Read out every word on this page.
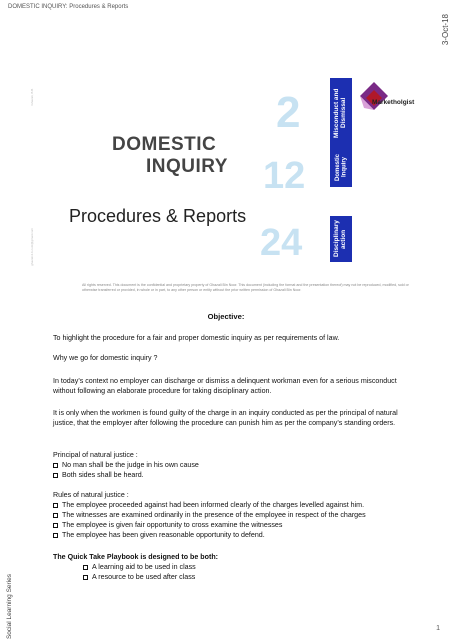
DOMESTIC INQUIRY: Procedures & Reports
3-Oct-18
Ghazali, B.B.
ghazali.b.b.com@gmail.com
DOMESTIC
INQUIRY
Procedures & Reports
2
12
24
Misconduct and Dismissal
Domestic Inquiry
Disciplinary action
Marketholgist
All rights reserved. This document is the confidential and proprietary property of Ghazali Bin Noor. This document (including the format and the presentation thereof) may not be reproduced, modified, sold or otherwise transferred or provided, in whole or in part, to any other person or entity without the prior written permission of Ghazali Bin Noor.
Objective:
To highlight the procedure for a fair and proper domestic inquiry as per requirements of law.
Why we go for domestic inquiry ?
In today’s context no employer can discharge or dismiss a delinquent workman even for a serious misconduct without following an elaborate procedure for taking disciplinary action.
It is only when the workmen is found guilty of the charge in an inquiry conducted as per the principal of natural justice, that the employer after following the procedure can punish him as per the company’s standing orders.
Principal of natural justice :
No man shall be the judge in his own cause
Both sides shall be heard.
Rules of natural justice :
The employee proceeded against had been informed clearly of the charges levelled against him.
The witnesses are examined ordinarily in the presence of the employee in respect of the charges
The employee is given fair opportunity to cross examine the witnesses
The employee has been given reasonable opportunity to defend.
The Quick Take Playbook is designed to be both:
A learning aid to be used in class
A resource to be used after class
Social Learning Series	1
